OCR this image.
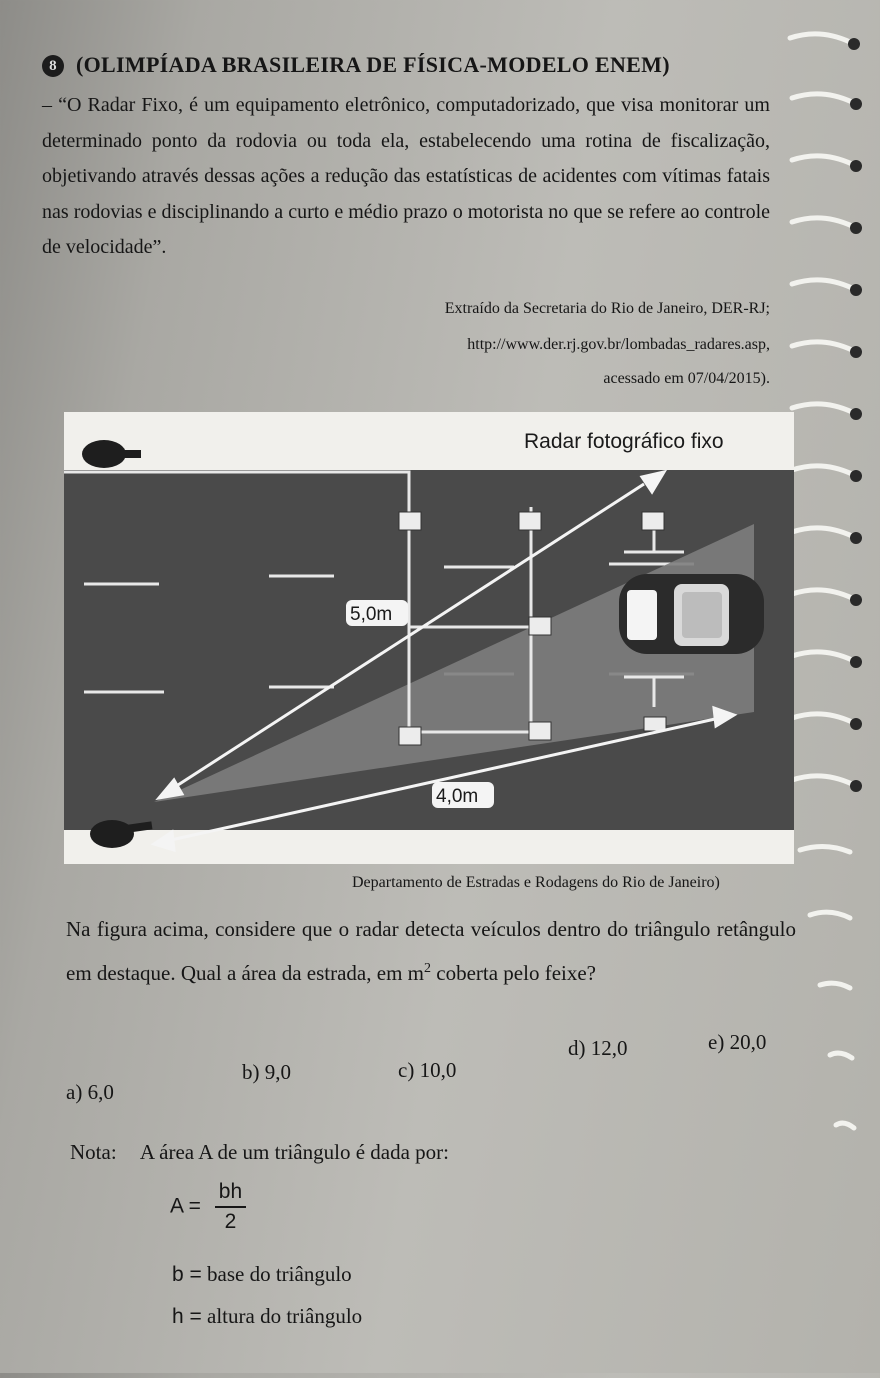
8 (OLIMPÍADA BRASILEIRA DE FÍSICA-MODELO ENEM)
– “O Radar Fixo, é um equipamento eletrônico, computadorizado, que visa monitorar um determinado ponto da rodovia ou toda ela, estabelecendo uma rotina de fiscalização, objetivando através dessas ações a redução das estatísticas de acidentes com vítimas fatais nas rodovias e disciplinando a curto e médio prazo o motorista no que se refere ao controle de velocidade”.
Extraído da Secretaria do Rio de Janeiro, DER-RJ;
http://www.der.rj.gov.br/lombadas_radares.asp,
acessado em 07/04/2015).
Radar fotográfico fixo
5,0m
4,0m
Departamento de Estradas e Rodagens do Rio de Janeiro)
Na figura acima, considere que o radar detecta veículos dentro do triângulo retângulo em destaque. Qual a área da estrada, em $m^2$ coberta pelo feixe?
a) 6,0
b) 9,0	c) 10,0
d) 12,0	e) 20,0
Nota: A área A de um triângulo é dada por:
$A = \frac{bh}{2}$
b = base do triângulo
h = altura do triângulo
